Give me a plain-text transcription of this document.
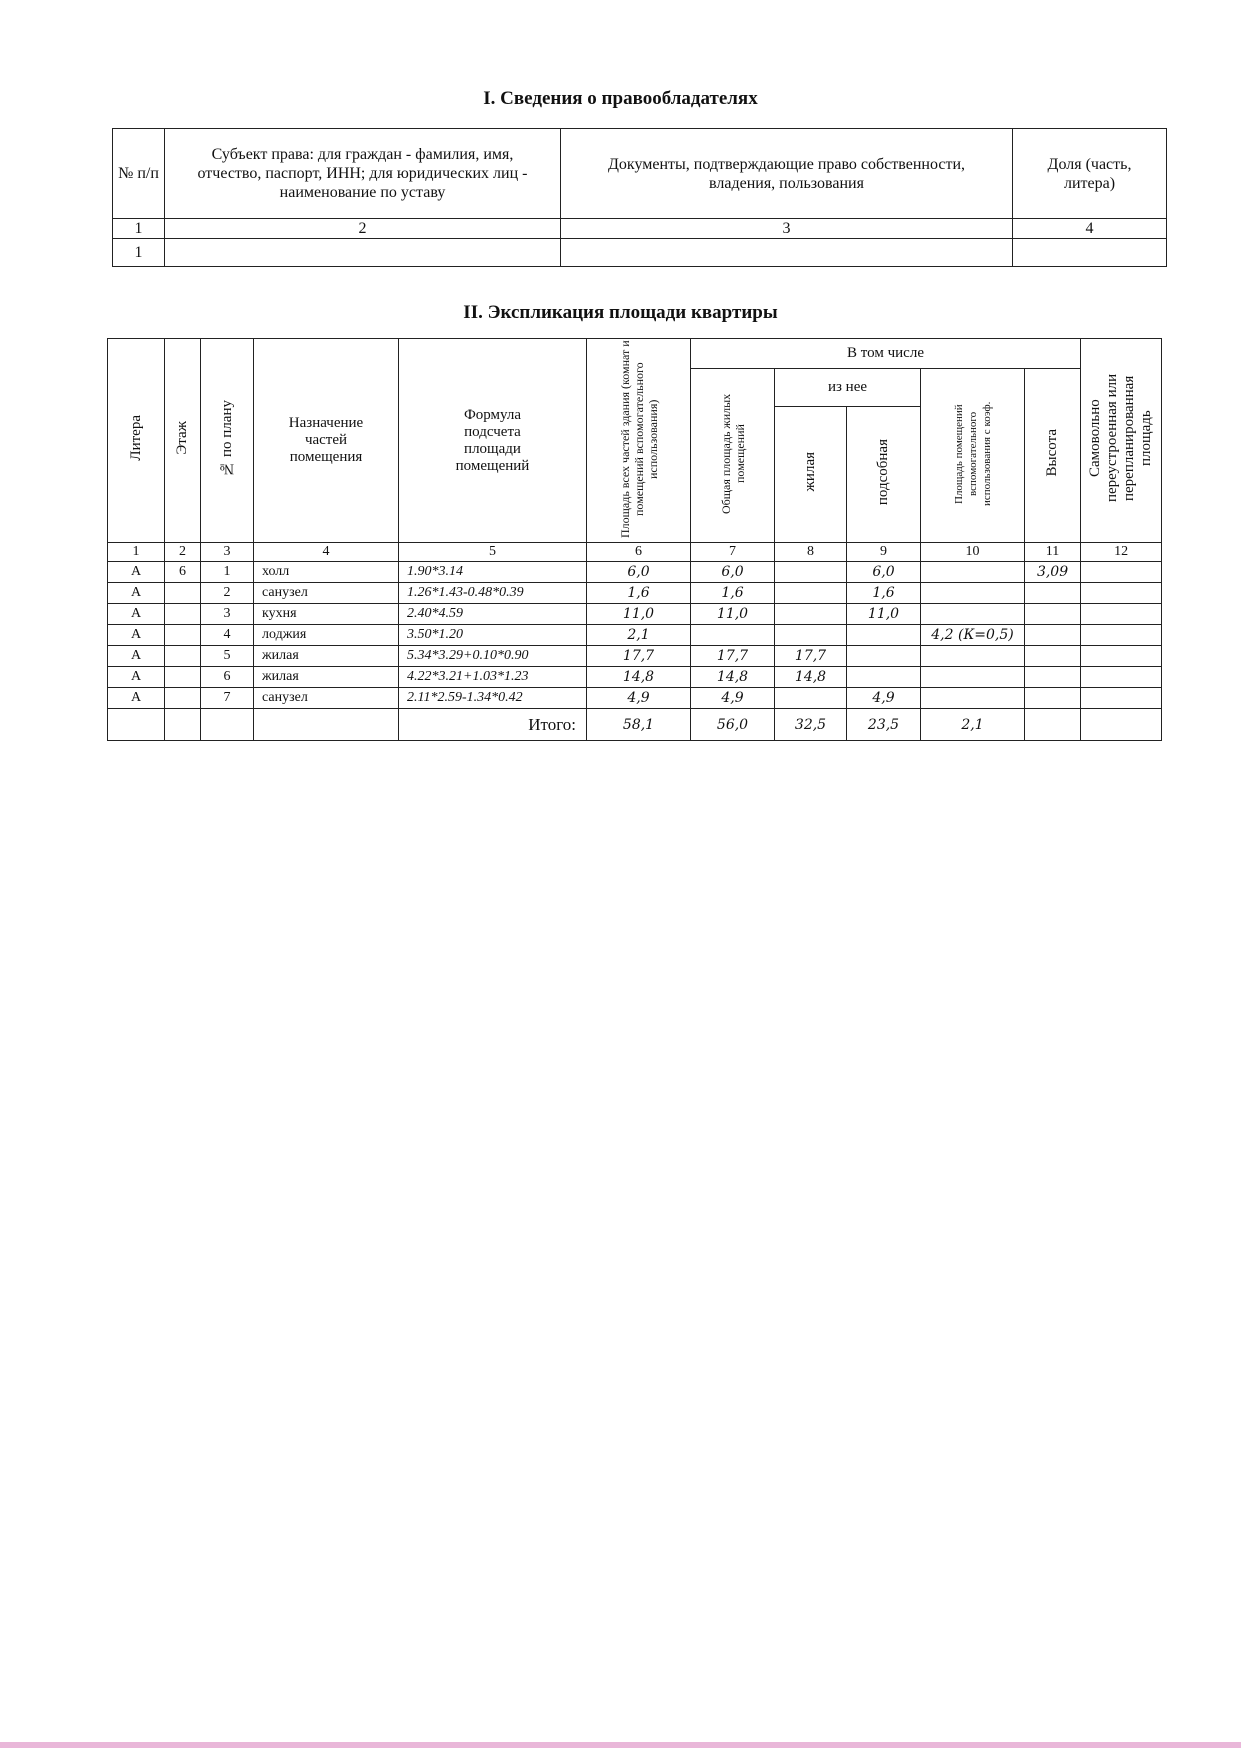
I. Сведения о правообладателях
№ п/п	Субъект права: для граждан - фамилия, имя, отчество, паспорт, ИНН; для юридических лиц - наименование по уставу	Документы, подтверждающие право собственности, владения, пользования	Доля (часть, литера)
1	2	3	4
1			
II. Экспликация площади квартиры
Литера	Этаж	№ по плану	Назначение частей помещения	Формула подсчета площади помещений	Площадь всех частей здания (комнат и помещений вспомогательного использования)	В том числе					Самовольно переустроенная или перепланированная площадь
						Общая площадь жилых помещений	из нее		Площадь помещений вспомогательного использования с коэф.	Высота	
							жилая	подсобная			
1	2	3	4	5	6	7	8	9	10	11	12
А	6	1	холл	1.90*3.14	6,0	6,0		6,0		3,09	
А		2	санузел	1.26*1.43-0.48*0.39	1,6	1,6		1,6			
А		3	кухня	2.40*4.59	11,0	11,0		11,0			
А		4	лоджия	3.50*1.20	2,1				4,2 (К=0,5)		
А		5	жилая	5.34*3.29+0.10*0.90	17,7	17,7	17,7				
А		6	жилая	4.22*3.21+1.03*1.23	14,8	14,8	14,8				
А		7	санузел	2.11*2.59-1.34*0.42	4,9	4,9		4,9			
				Итого:	58,1	56,0	32,5	23,5	2,1		
